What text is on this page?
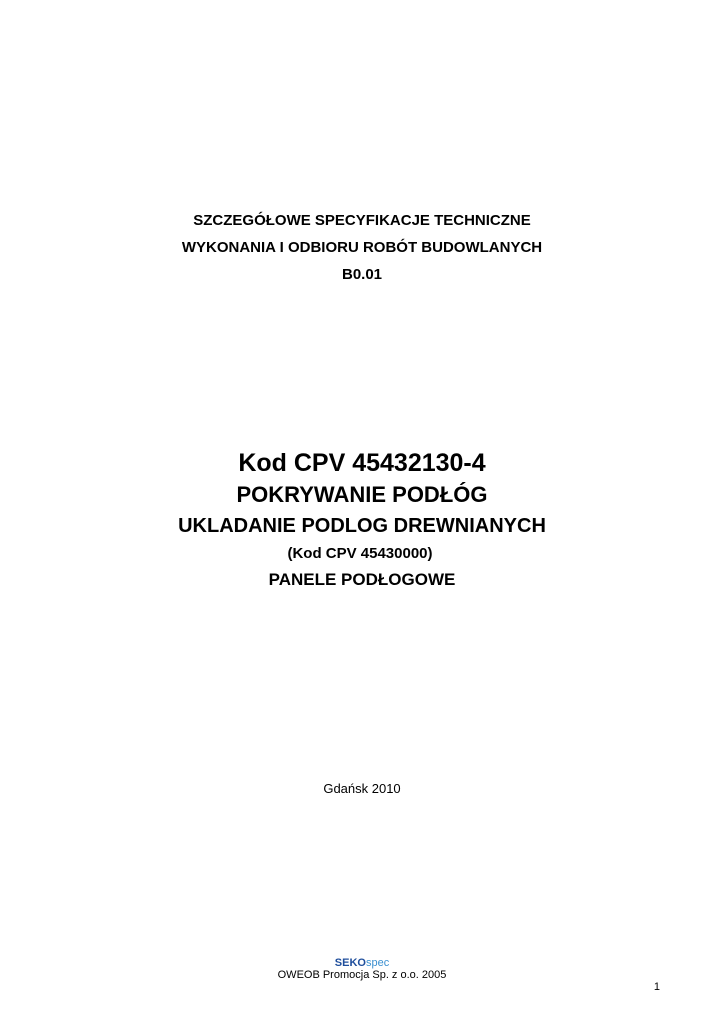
SZCZEGÓŁOWE SPECYFIKACJE TECHNICZNE
WYKONANIA I ODBIORU ROBÓT BUDOWLANYCH
B0.01
Kod CPV 45432130-4
POKRYWANIE PODŁÓG
UKLADANIE PODLOG DREWNIANYCH
(Kod CPV 45430000)
PANELE PODŁOGOWE
Gdańsk 2010
SEKOspec
OWEOB Promocja Sp. z o.o. 2005
1
